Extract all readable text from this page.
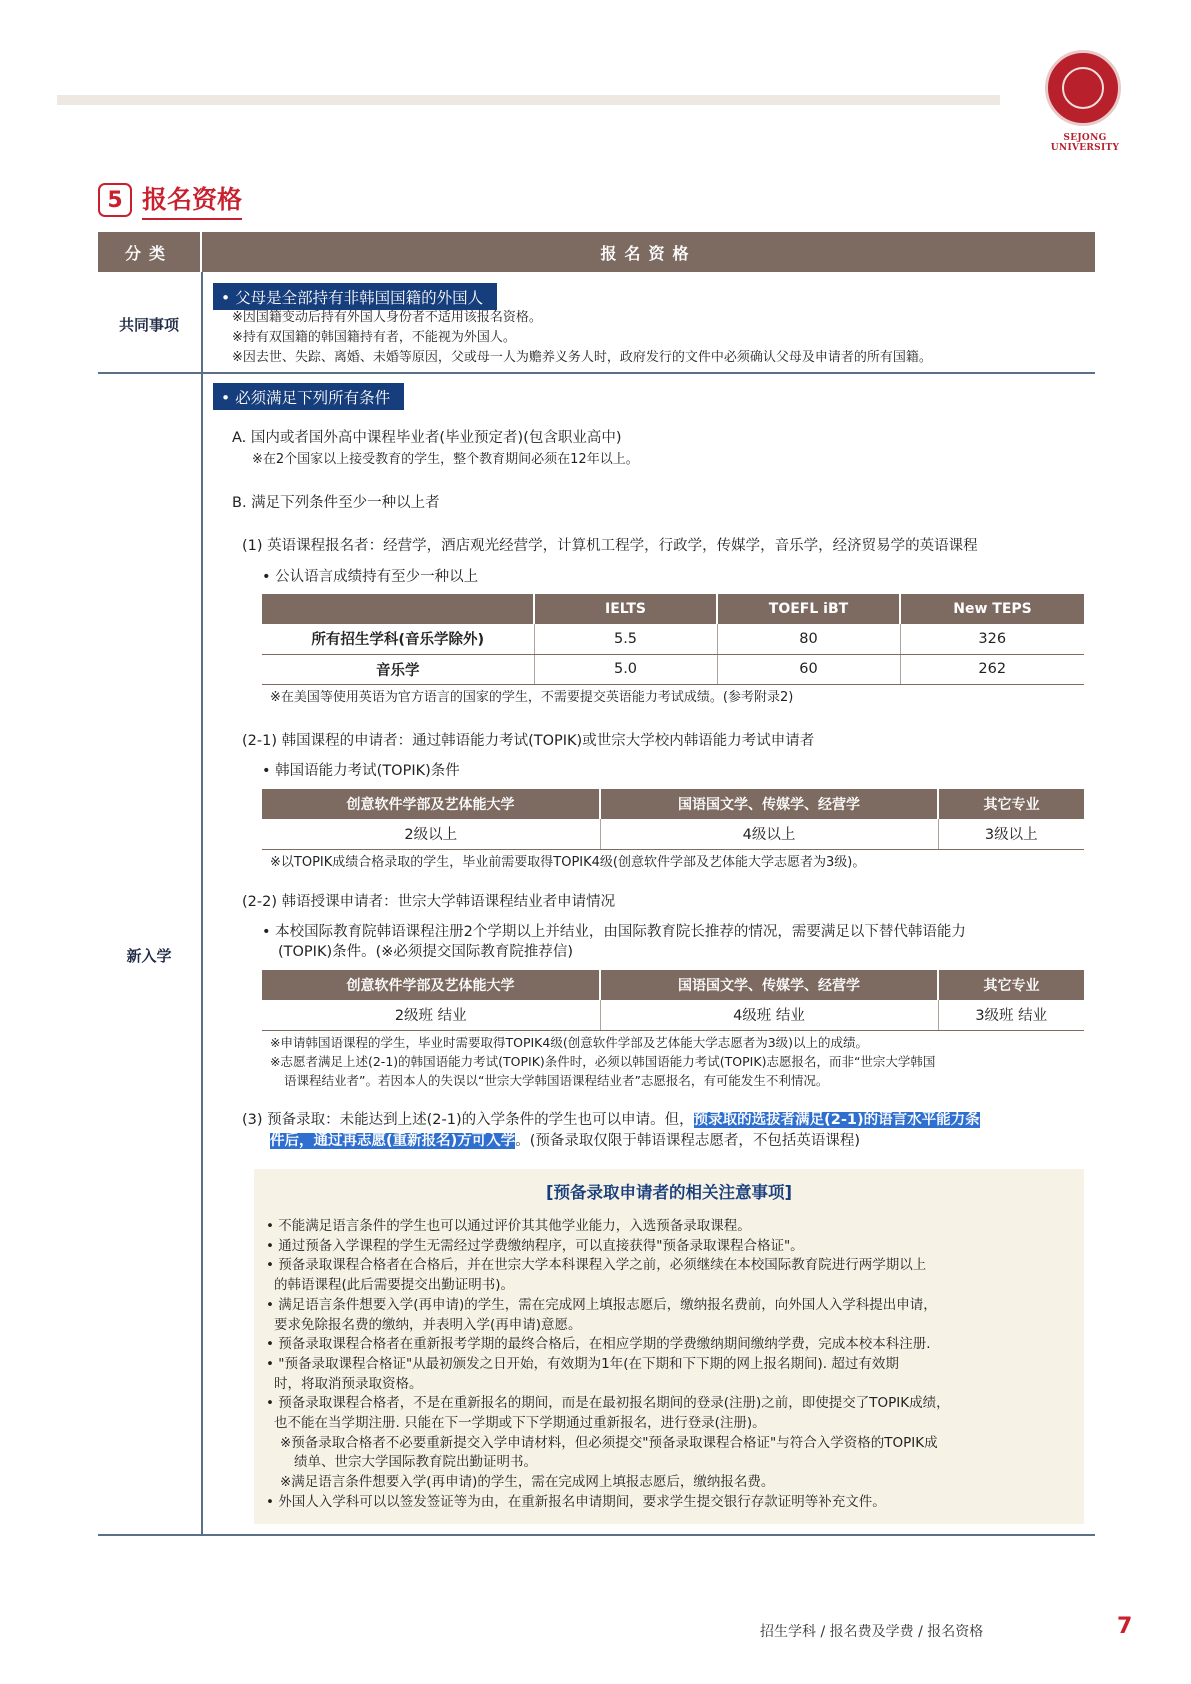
SEJONG UNIVERSITY
5 报名资格
分类	报名资格
共同事项
• 父母是全部持有非韩国国籍的外国人
※因国籍变动后持有外国人身份者不适用该报名资格。
※持有双国籍的韩国籍持有者，不能视为外国人。
※因去世、失踪、离婚、未婚等原因，父或母一人为赡养义务人时，政府发行的文件中必须确认父母及申请者的所有国籍。
新入学
• 必须满足下列所有条件
A. 国内或者国外高中课程毕业者(毕业预定者)(包含职业高中)
※在2个国家以上接受教育的学生，整个教育期间必须在12年以上。
B. 满足下列条件至少一种以上者
(1) 英语课程报名者：经营学，酒店观光经营学，计算机工程学，行政学，传媒学，音乐学，经济贸易学的英语课程
• 公认语言成绩持有至少一种以上
	IELTS	TOEFL iBT	New TEPS
所有招生学科(音乐学除外)	5.5	80	326
音乐学	5.0	60	262
※在美国等使用英语为官方语言的国家的学生，不需要提交英语能力考试成绩。(参考附录2)
(2-1) 韩国课程的申请者：通过韩语能力考试(TOPIK)或世宗大学校内韩语能力考试申请者
• 韩国语能力考试(TOPIK)条件
创意软件学部及艺体能大学	国语国文学、传媒学、经营学	其它专业
2级以上	4级以上	3级以上
※以TOPIK成绩合格录取的学生，毕业前需要取得TOPIK4级(创意软件学部及艺体能大学志愿者为3级)。
(2-2) 韩语授课申请者：世宗大学韩语课程结业者申请情况
• 本校国际教育院韩语课程注册2个学期以上并结业，由国际教育院长推荐的情况，需要满足以下替代韩语能力
(TOPIK)条件。(※必须提交国际教育院推荐信)
创意软件学部及艺体能大学	国语国文学、传媒学、经营学	其它专业
2级班 结业	4级班 结业	3级班 结业
※申请韩国语课程的学生，毕业时需要取得TOPIK4级(创意软件学部及艺体能大学志愿者为3级)以上的成绩。
※志愿者满足上述(2-1)的韩国语能力考试(TOPIK)条件时，必须以韩国语能力考试(TOPIK)志愿报名，而非“世宗大学韩国
语课程结业者”。若因本人的失误以“世宗大学韩国语课程结业者”志愿报名，有可能发生不利情况。
(3) 预备录取：未能达到上述(2-1)的入学条件的学生也可以申请。但，预录取的选拔者满足(2-1)的语言水平能力条
件后，通过再志愿(重新报名)方可入学。(预备录取仅限于韩语课程志愿者，不包括英语课程)
[预备录取申请者的相关注意事项]
• 不能满足语言条件的学生也可以通过评价其其他学业能力，入选预备录取课程。
• 通过预备入学课程的学生无需经过学费缴纳程序，可以直接获得"预备录取课程合格证"。
• 预备录取课程合格者在合格后，并在世宗大学本科课程入学之前，必须继续在本校国际教育院进行两学期以上
的韩语课程(此后需要提交出勤证明书)。
• 满足语言条件想要入学(再申请)的学生，需在完成网上填报志愿后，缴纳报名费前，向外国人入学科提出申请，
要求免除报名费的缴纳，并表明入学(再申请)意愿。
• 预备录取课程合格者在重新报考学期的最终合格后，在相应学期的学费缴纳期间缴纳学费，完成本校本科注册.
• "预备录取课程合格证"从最初颁发之日开始，有效期为1年(在下期和下下期的网上报名期间). 超过有效期
时，将取消预录取资格。
• 预备录取课程合格者，不是在重新报名的期间，而是在最初报名期间的登录(注册)之前，即使提交了TOPIK成绩，
也不能在当学期注册. 只能在下一学期或下下学期通过重新报名，进行登录(注册)。
※预备录取合格者不必要重新提交入学申请材料，但必须提交"预备录取课程合格证"与符合入学资格的TOPIK成
绩单、世宗大学国际教育院出勤证明书。
※满足语言条件想要入学(再申请)的学生，需在完成网上填报志愿后，缴纳报名费。
• 外国人入学科可以以签发签证等为由，在重新报名申请期间，要求学生提交银行存款证明等补充文件。
招生学科 / 报名费及学费 / 报名资格	7
